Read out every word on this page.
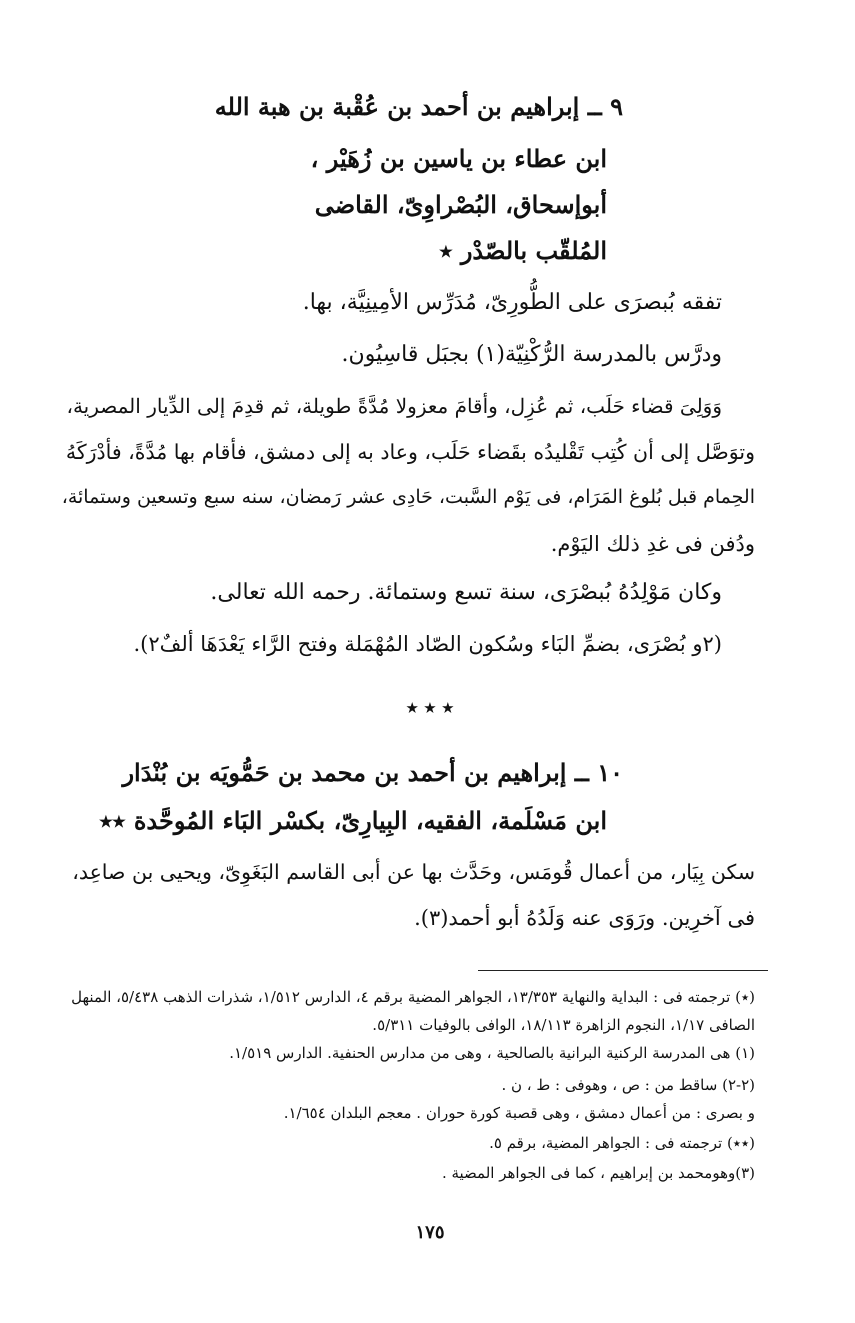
٩ ــ إبراهيم بن أحمد بن عُقْبة بن هبة الله
ابن عطاء بن ياسين بن زُهَيْر ،
أبوإسحاق، البُصْراوِىّ، القاضى
المُلقّب بالصّدْر ٭
تفقه بُبصرَى على الطُّورِىّ، مُدَرِّس الأمِينِيَّة، بها.
ودرَّس بالمدرسة الرُّكْنِيّة(١) بجبَل قاسِيُون.
وَوَلِىَ قضاء حَلَب، ثم عُزِل، وأقامَ معزولا مُدَّةً طويلة، ثم قدِمَ إلى الدِّيار المصرية،
وتوَصَّل إلى أن كُتِب تَقْليدُه بقَضاء حَلَب، وعاد به إلى دمشق، فأقام بها مُدَّةً، فأدْرَكَهُ
الحِمام قبل بُلوغ المَرَام، فى يَوْم السَّبت، حَادِى عشر رَمضان، سنه سبع وتسعين وستمائة،
ودُفن فى غدِ ذلك اليَوْم.
وكان مَوْلِدُهُ بُبصْرَى، سنة تسع وستمائة. رحمه الله تعالى.
(٢و بُصْرَى، بضمِّ البَاء وسُكون الصّاد المُهْمَلة وفتح الرَّاء يَعْدَهَا ألفٌ٢).
٭ ٭ ٭
١٠ ــ إبراهيم بن أحمد بن محمد بن حَمُّويَه بن بُنْدَار
ابن مَسْلَمة، الفقيه، البِيارِىّ، بكسْر البَاء المُوحَّدة ٭٭
سكن بِيَار، من أعمال قُومَس، وحَدَّث بها عن أبى القاسم البَغَوِىّ، ويحيى بن صاعِد،
فى آخرِين. ورَوَى عنه وَلَدُهُ أبو أحمد(٣).
(٭) ترجمته فى : البداية والنهاية ١٣/٣٥٣، الجواهر المضية برقم ٤، الدارس ١/٥١٢، شذرات الذهب ٥/٤٣٨، المنهل
الصافى ١/١٧، النجوم الزاهرة ١٨/١١٣، الوافى بالوفيات ٥/٣١١.
(١) هى المدرسة الركنية البرانية بالصالحية ، وهى من مدارس الحنفية. الدارس ١/٥١٩.
(٢-٢) ساقط من : ص ، وهوفى : ط ، ن .
و بصرى : من أعمال دمشق ، وهى قصبة كورة حوران . معجم البلدان ١/٦٥٤.
(٭٭) ترجمته فى : الجواهر المضية، برقم ٥.
(٣)وهومحمد بن إبراهيم ، كما فى الجواهر المضية .
١٧٥
